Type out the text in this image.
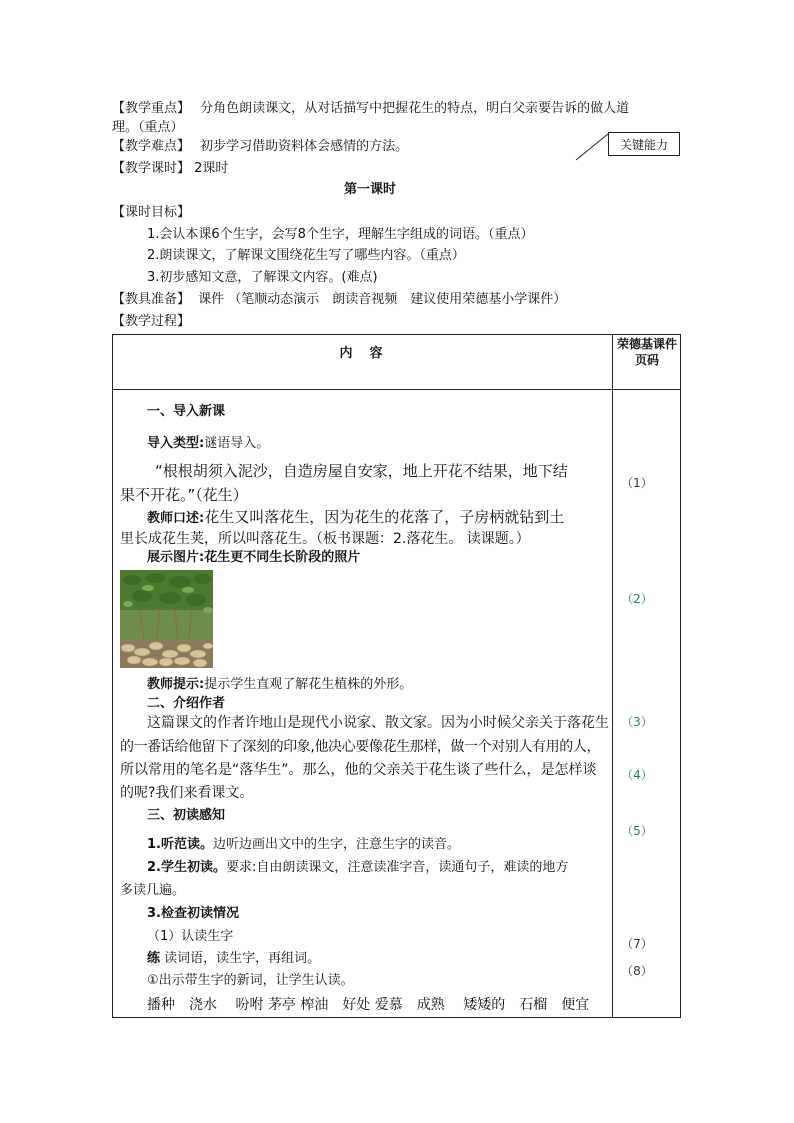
【教学重点】 分角色朗读课文，从对话描写中把握花生的特点，明白父亲要告诉的做人道
理。（重点）
【教学难点】 初步学习借助资料体会感情的方法。
【教学课时】 2课时
关键能力
第一课时
【课时目标】
1.会认本课6个生字，会写8个生字，理解生字组成的词语。（重点）
2.朗读课文，了解课文围绕花生写了哪些内容。（重点）
3.初步感知文意，了解课文内容。(难点)
【教具准备】 课件 （笔顺动态演示　朗读音视频　建议使用荣德基小学课件）
【教学过程】
内　容
荣德基课件页码
一、导入新课
导入类型:谜语导入。
“根根胡须入泥沙，自造房屋自安家，地上开花不结果，地下结
果不开花。”（花生）
教师口述:花生又叫落花生，因为花生的花落了，子房柄就钻到土
里长成花生荚，所以叫落花生。（板书课题：2.落花生。 读课题。）
展示图片:花生更不同生长阶段的照片
教师提示:提示学生直观了解花生植株的外形。
二、介绍作者
这篇课文的作者许地山是现代小说家、散文家。因为小时候父亲关于落花生
的一番话给他留下了深刻的印象,他决心要像花生那样，做一个对别人有用的人，
所以常用的笔名是“落华生”。那么，他的父亲关于花生谈了些什么，是怎样谈
的呢?我们来看课文。
三、初读感知
1.听范读。边听边画出文中的生字，注意生字的读音。
2.学生初读。要求:自由朗读课文，注意读准字音，读通句子，难读的地方
多读几遍。
3.检查初读情况
（1）认读生字
练 读词语，读生字，再组词。
①出示带生字的新词，让学生认读。
播种　浇水　 吩咐 茅亭 榨油　好处 爱慕　成熟　 矮矮的　石榴　便宜
（1）
（2）
（3）
（4）
（5）
（7）
（8）
